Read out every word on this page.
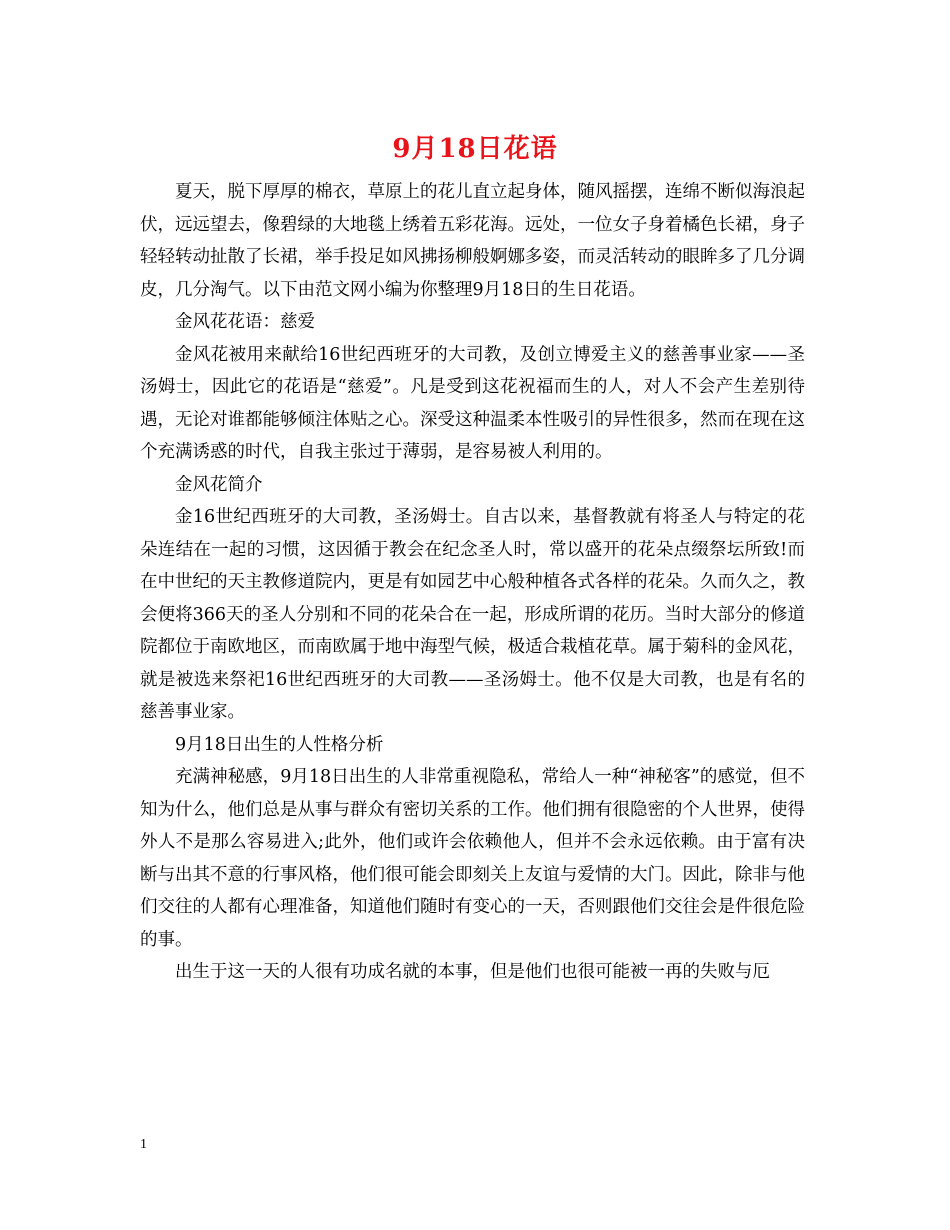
9月18日花语

夏天，脱下厚厚的棉衣，草原上的花儿直立起身体，随风摇摆，连绵不断似海浪起伏，远远望去，像碧绿的大地毯上绣着五彩花海。远处，一位女子身着橘色长裙，身子轻轻转动扯散了长裙，举手投足如风拂扬柳般婀娜多姿，而灵活转动的眼眸多了几分调皮，几分淘气。以下由范文网小编为你整理9月18日的生日花语。

金风花花语：慈爱

金风花被用来献给16世纪西班牙的大司教，及创立博爱主义的慈善事业家——圣汤姆士，因此它的花语是“慈爱”。凡是受到这花祝福而生的人，对人不会产生差别待遇，无论对谁都能够倾注体贴之心。深受这种温柔本性吸引的异性很多，然而在现在这个充满诱惑的时代，自我主张过于薄弱，是容易被人利用的。

金风花简介

金16世纪西班牙的大司教，圣汤姆士。自古以来，基督教就有将圣人与特定的花朵连结在一起的习惯，这因循于教会在纪念圣人时，常以盛开的花朵点缀祭坛所致!而在中世纪的天主教修道院内，更是有如园艺中心般种植各式各样的花朵。久而久之，教会便将366天的圣人分别和不同的花朵合在一起，形成所谓的花历。当时大部分的修道院都位于南欧地区，而南欧属于地中海型气候，极适合栽植花草。属于菊科的金风花，就是被选来祭祀16世纪西班牙的大司教——圣汤姆士。他不仅是大司教，也是有名的慈善事业家。

9月18日出生的人性格分析

充满神秘感，9月18日出生的人非常重视隐私，常给人一种“神秘客”的感觉，但不知为什么，他们总是从事与群众有密切关系的工作。他们拥有很隐密的个人世界，使得外人不是那么容易进入;此外，他们或许会依赖他人，但并不会永远依赖。由于富有决断与出其不意的行事风格，他们很可能会即刻关上友谊与爱情的大门。因此，除非与他们交往的人都有心理准备，知道他们随时有变心的一天，否则跟他们交往会是件很危险的事。

出生于这一天的人很有功成名就的本事，但是他们也很可能被一再的失败与厄

1
